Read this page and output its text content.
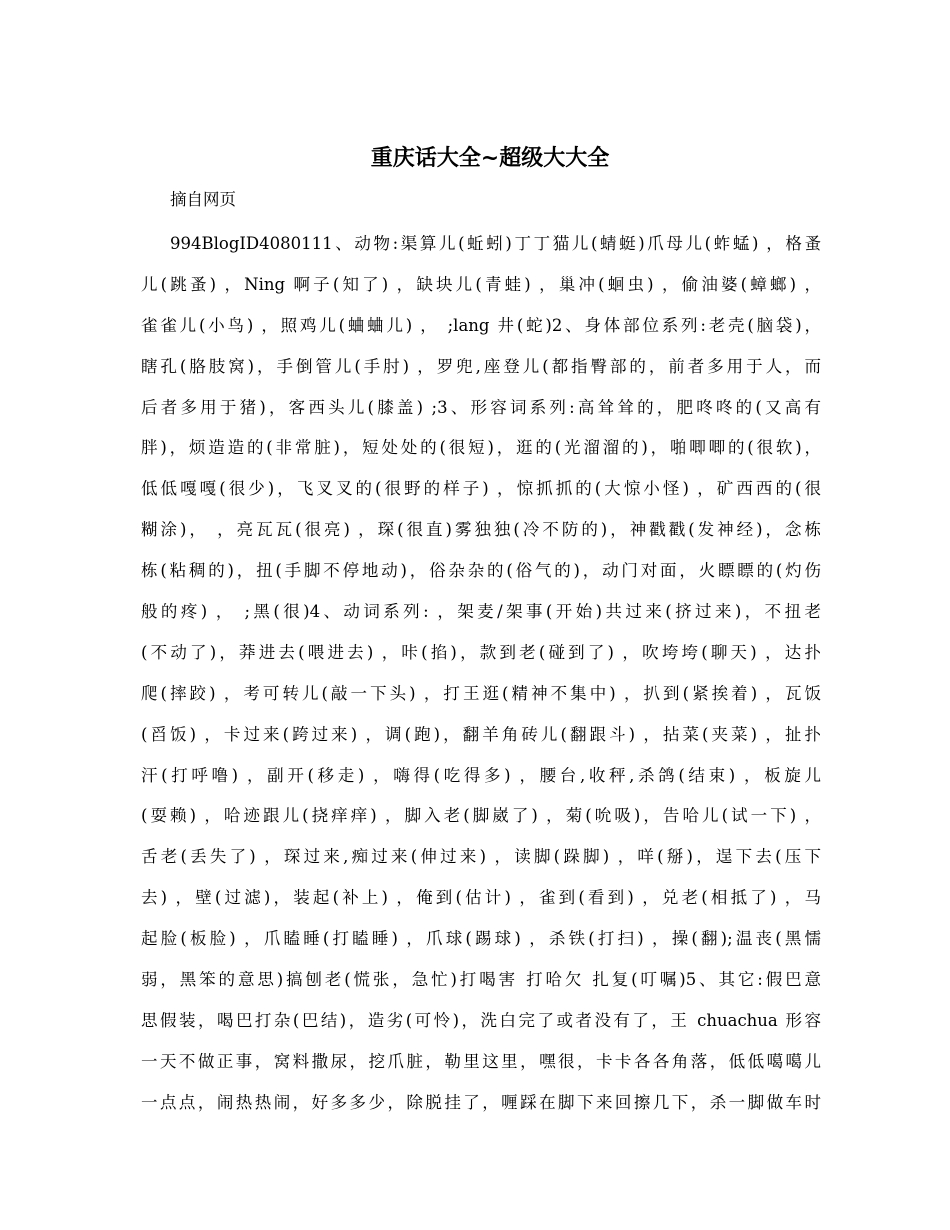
重庆话大全~超级大大全

摘自网页

994BlogID4080111、动物:渠算儿(蚯蚓)丁丁猫儿(蜻蜓)爪母儿(蚱蜢) ，格蚤
儿(跳蚤) ，Ning 啊子(知了) ，缺块儿(青蛙) ，巢冲(蛔虫) ，偷油婆(蟑螂) ，
雀雀儿(小鸟) ，照鸡儿(蛐蛐儿) ， ;lang 井(蛇)2、身体部位系列:老壳(脑袋)，
瞎孔(胳肢窝)，手倒管儿(手肘) ，罗兜,座登儿(都指臀部的，前者多用于人，而
后者多用于猪)，客西头儿(膝盖) ;3、形容词系列:高耸耸的，肥咚咚的(又高有
胖)，烦造造的(非常脏)，短处处的(很短)，逛的(光溜溜的)，啪唧唧的(很软)，
低低嘎嘎(很少)，飞叉叉的(很野的样子) ，惊抓抓的(大惊小怪) ，矿西西的(很
糊涂)， ，亮瓦瓦(很亮) ，琛(很直)雾独独(冷不防的)，神戳戳(发神经)，念栋
栋(粘稠的)，扭(手脚不停地动)，俗杂杂的(俗气的)，动门对面，火瞟瞟的(灼伤
般的疼) ， ;黑(很)4、动词系列: ，架麦/架事(开始)共过来(挤过来)，不扭老
(不动了)，莽进去(喂进去) ，咔(掐)，款到老(碰到了) ，吹垮垮(聊天) ，达扑
爬(摔跤) ，考可转儿(敲一下头) ，打王逛(精神不集中) ，扒到(紧挨着) ，瓦饭
(舀饭) ，卡过来(跨过来) ，调(跑)，翻羊角砖儿(翻跟斗) ，拈菜(夹菜) ，扯扑
汗(打呼噜) ，副开(移走) ，嗨得(吃得多) ，腰台,收秤,杀鸽(结束) ，板旋儿
(耍赖) ，哈迹跟儿(挠痒痒) ，脚入老(脚崴了) ，菊(吮吸)，告哈儿(试一下) ，
舌老(丢失了) ，琛过来,痴过来(伸过来) ，读脚(跺脚) ，咩(掰)，逞下去(压下
去) ，壁(过滤)，装起(补上) ，俺到(估计) ，雀到(看到) ，兑老(相抵了) ，马
起脸(板脸) ，爪瞌睡(打瞌睡) ，爪球(踢球) ，杀铁(打扫) ，操(翻);温丧(黑懦
弱，黑笨的意思)搞刨老(慌张，急忙)打喝害 打哈欠 扎复(叮嘱)5、其它:假巴意
思假装，喝巴打杂(巴结)，造劣(可怜)，洗白完了或者没有了，王 chuachua 形容
一天不做正事，窝料撒尿，挖爪脏，勒里这里，嘿很，卡卡各各角落，低低噶噶儿
一点点，闹热热闹，好多多少，除脱挂了，喱踩在脚下来回擦几下，杀一脚做车时
